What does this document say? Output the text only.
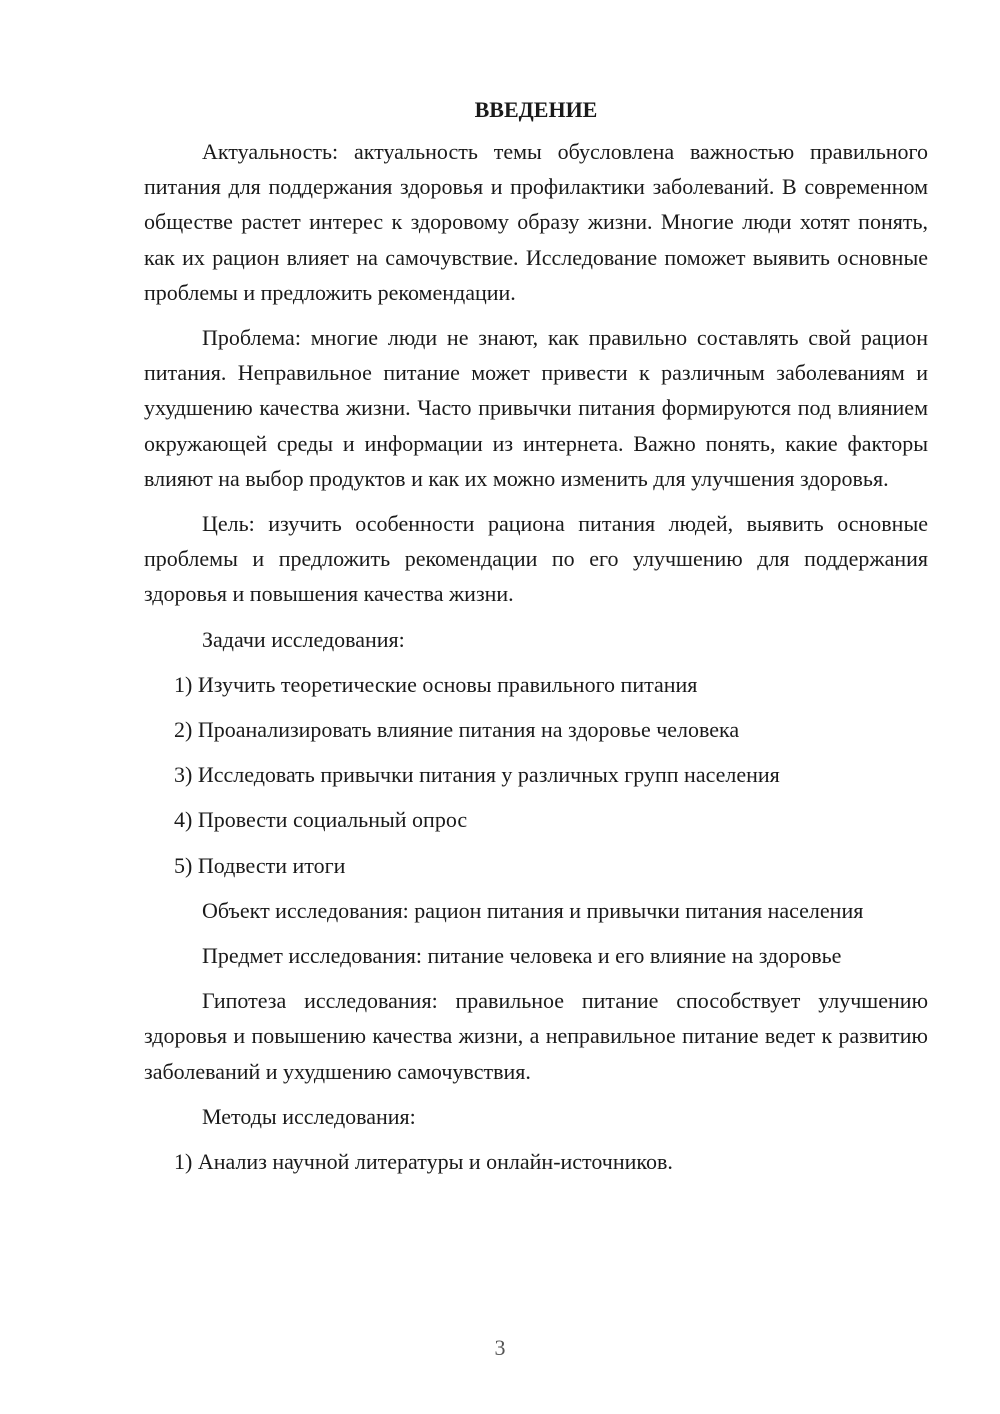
ВВЕДЕНИЕ

Актуальность: актуальность темы обусловлена важностью правильного питания для поддержания здоровья и профилактики заболеваний. В современном обществе растет интерес к здоровому образу жизни. Многие люди хотят понять, как их рацион влияет на самочувствие. Исследование поможет выявить основные проблемы и предложить рекомендации.

Проблема: многие люди не знают, как правильно составлять свой рацион питания. Неправильное питание может привести к различным заболеваниям и ухудшению качества жизни. Часто привычки питания формируются под влиянием окружающей среды и информации из интернета. Важно понять, какие факторы влияют на выбор продуктов и как их можно изменить для улучшения здоровья.

Цель: изучить особенности рациона питания людей, выявить основные проблемы и предложить рекомендации по его улучшению для поддержания здоровья и повышения качества жизни.

Задачи исследования:

1) Изучить теоретические основы правильного питания

2) Проанализировать влияние питания на здоровье человека

3) Исследовать привычки питания у различных групп населения

4) Провести социальный опрос

5) Подвести итоги

Объект исследования: рацион питания и привычки питания населения

Предмет исследования: питание человека и его влияние на здоровье

Гипотеза исследования: правильное питание способствует улучшению здоровья и повышению качества жизни, а неправильное питание ведет к развитию заболеваний и ухудшению самочувствия.

Методы исследования:

1) Анализ научной литературы и онлайн-источников.

3
